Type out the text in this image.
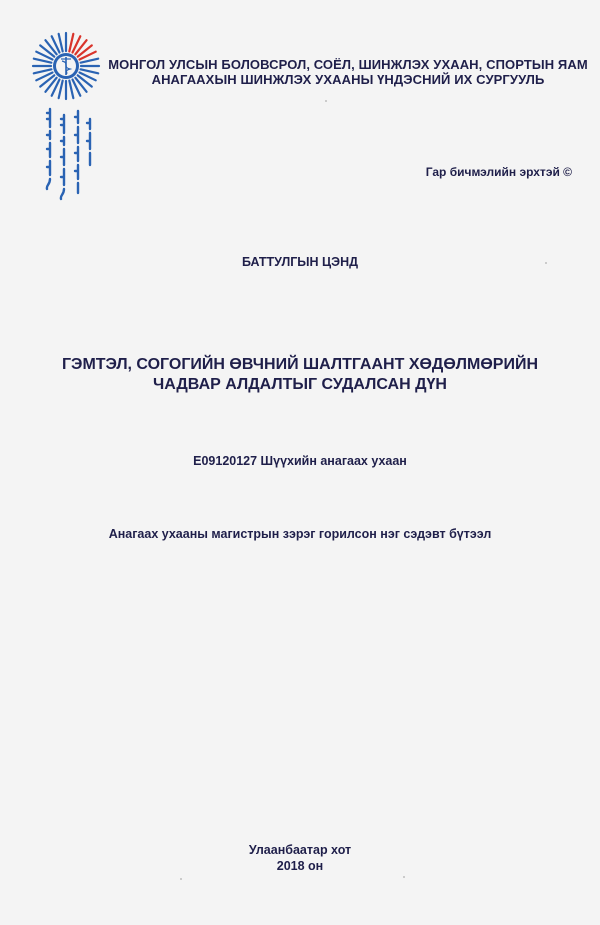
МОНГОЛ УЛСЫН БОЛОВСРОЛ, СОЁЛ, ШИНЖЛЭХ УХААН, СПОРТЫН ЯАМ
АНАГААХЫН ШИНЖЛЭХ УХААНЫ ҮНДЭСНИЙ ИХ СУРГУУЛЬ
Гар бичмэлийн эрхтэй ©
БАТТУЛГЫН ЦЭНД
ГЭМТЭЛ, СОГОГИЙН ӨВЧНИЙ ШАЛТГААНТ ХӨДӨЛМӨРИЙН
ЧАДВАР АЛДАЛТЫГ СУДАЛСАН ДҮН
E09120127 Шүүхийн анагаах ухаан
Анагаах ухааны магистрын зэрэг горилсон нэг сэдэвт бүтээл
Улаанбаатар хот
2018 он
